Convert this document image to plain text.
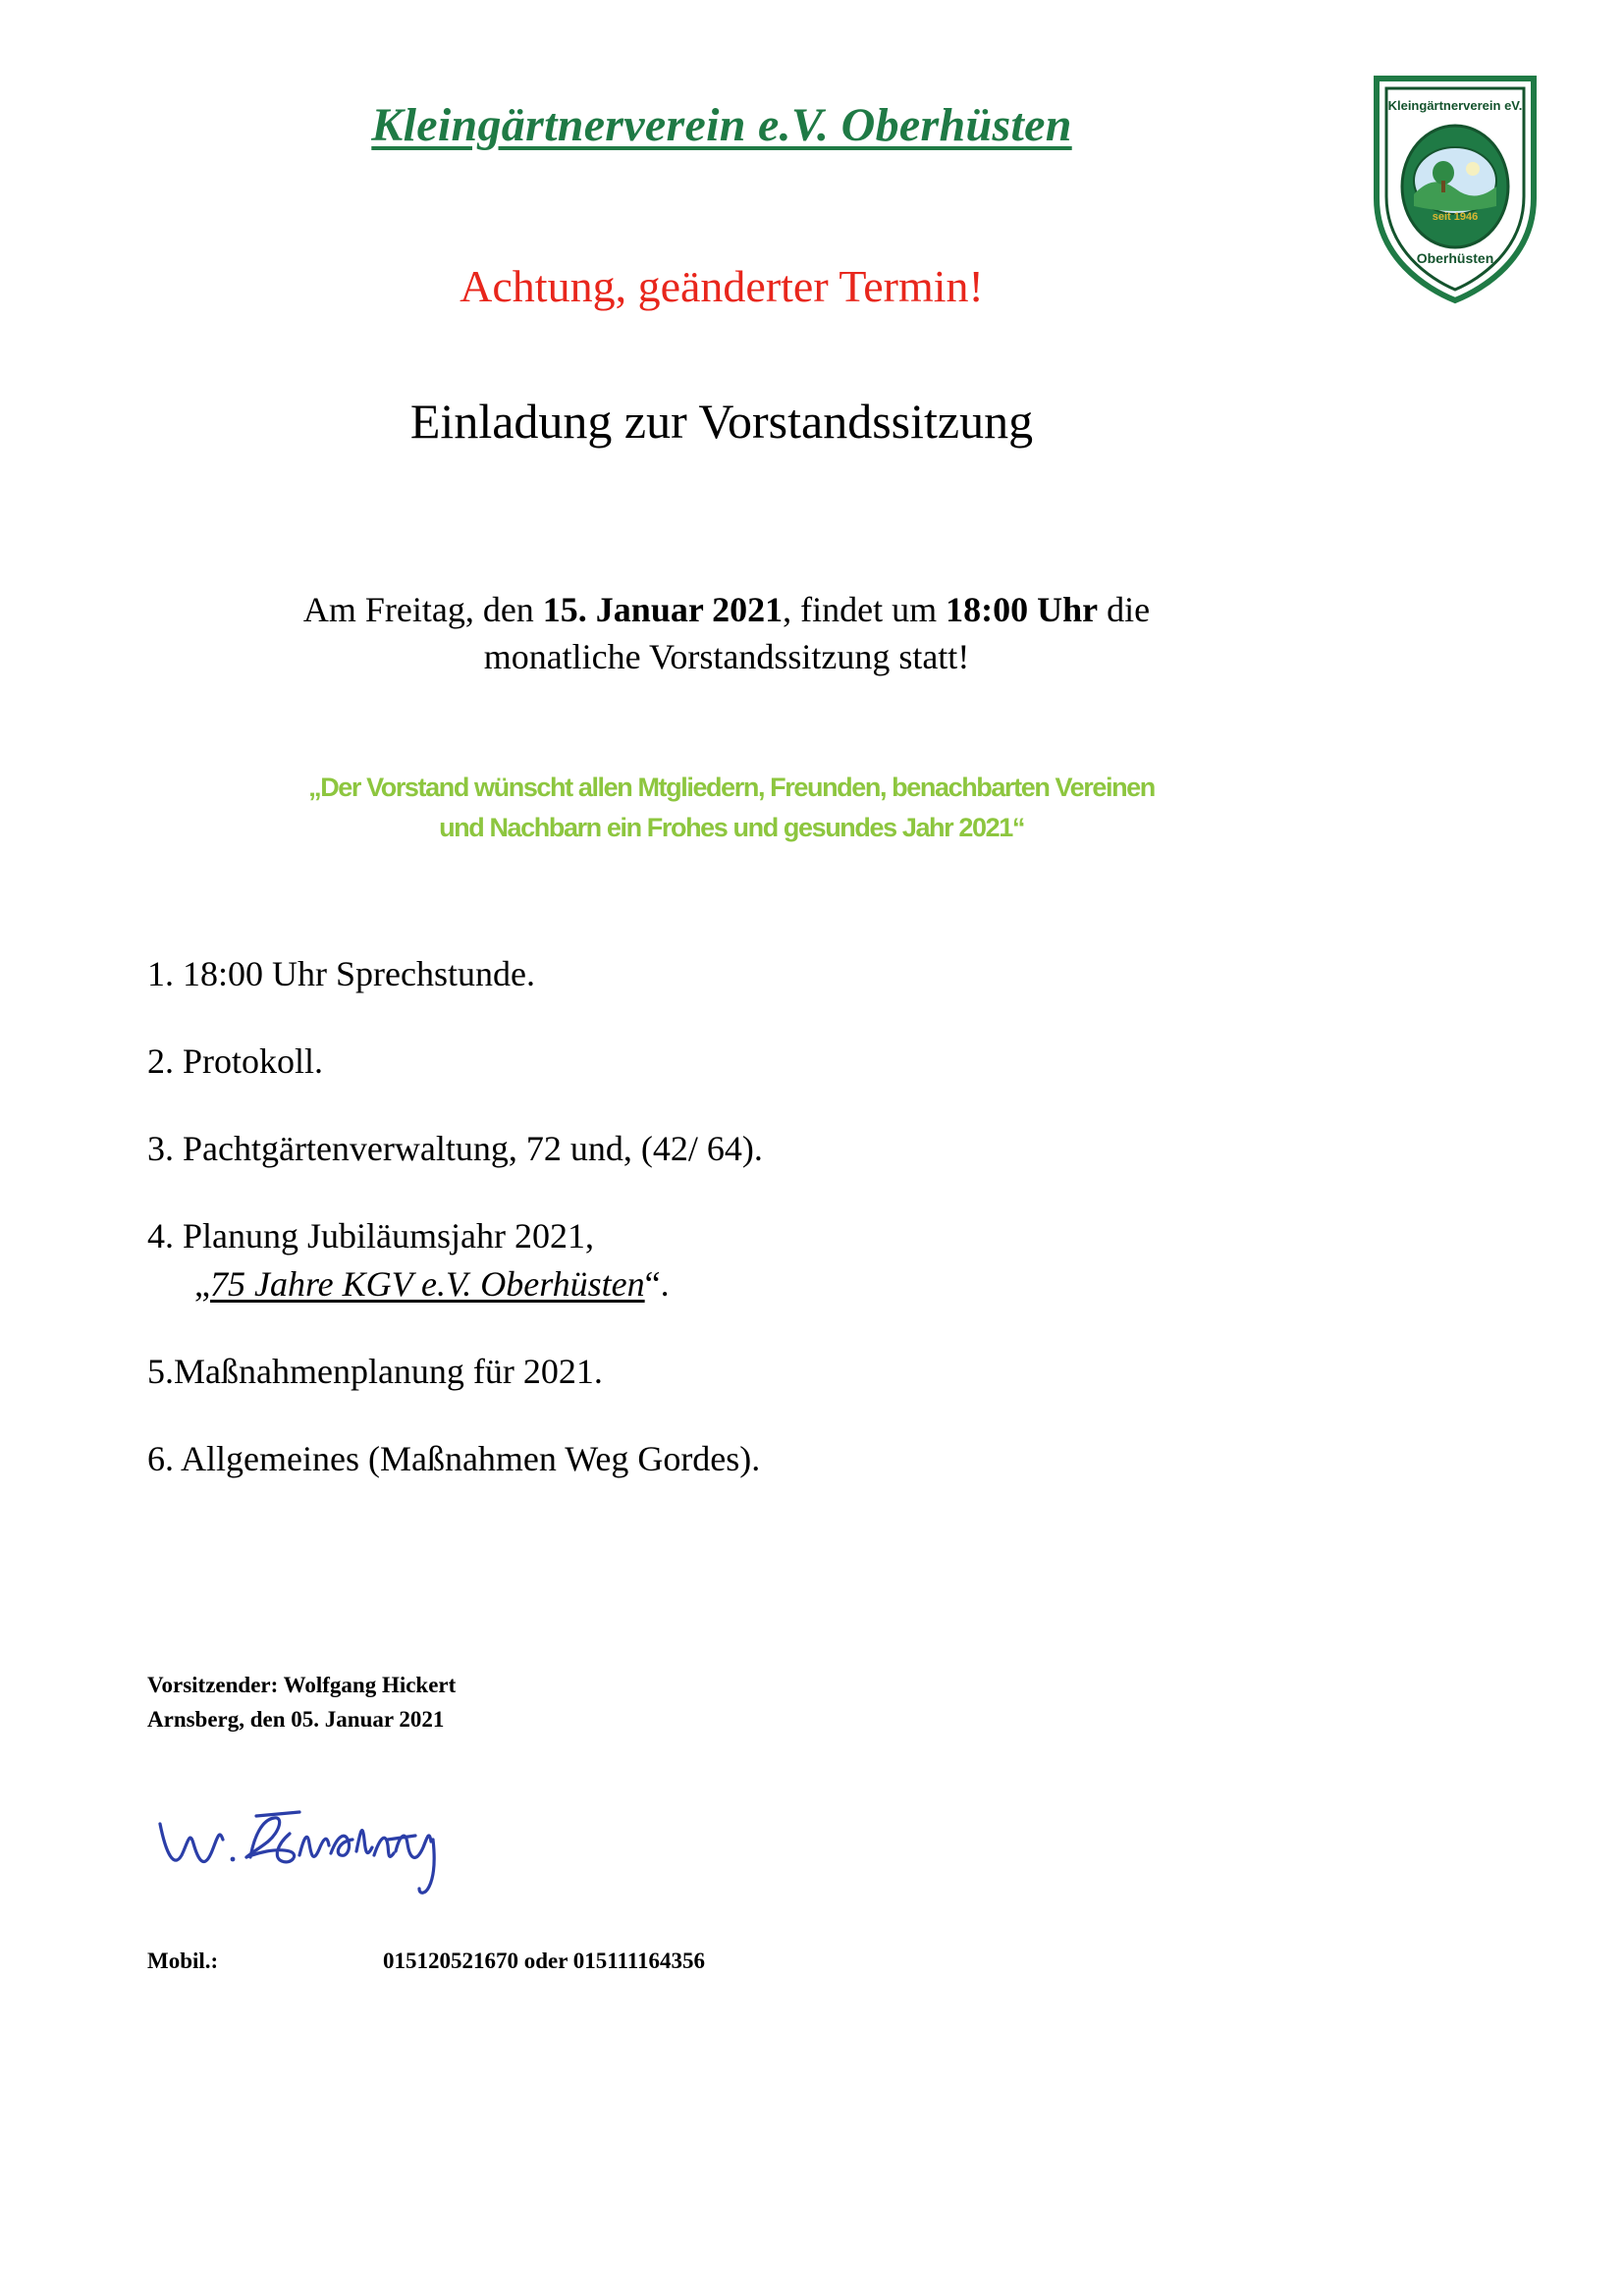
Kleingärtnerverein e.V. Oberhüsten	Kleingärtnerverein eV.
seit 1946
Oberhüsten
Achtung, geänderter Termin!
Einladung zur Vorstandssitzung
Am Freitag, den 15. Januar 2021, findet um 18:00 Uhr die
monatliche Vorstandssitzung statt!
„Der Vorstand wünscht allen Mtgliedern, Freunden, benachbarten Vereinen
und Nachbarn ein Frohes und gesundes Jahr 2021“
1. 18:00 Uhr Sprechstunde.
2. Protokoll.
3. Pachtgärtenverwaltung, 72 und, (42/ 64).
4. Planung Jubiläumsjahr 2021,
„75 Jahre KGV e.V. Oberhüsten“.
5.Maßnahmenplanung für 2021.
6. Allgemeines (Maßnahmen Weg Gordes).
Vorsitzender: Wolfgang Hickert
Arnsberg, den 05. Januar 2021
Mobil.:	015120521670 oder 015111164356
